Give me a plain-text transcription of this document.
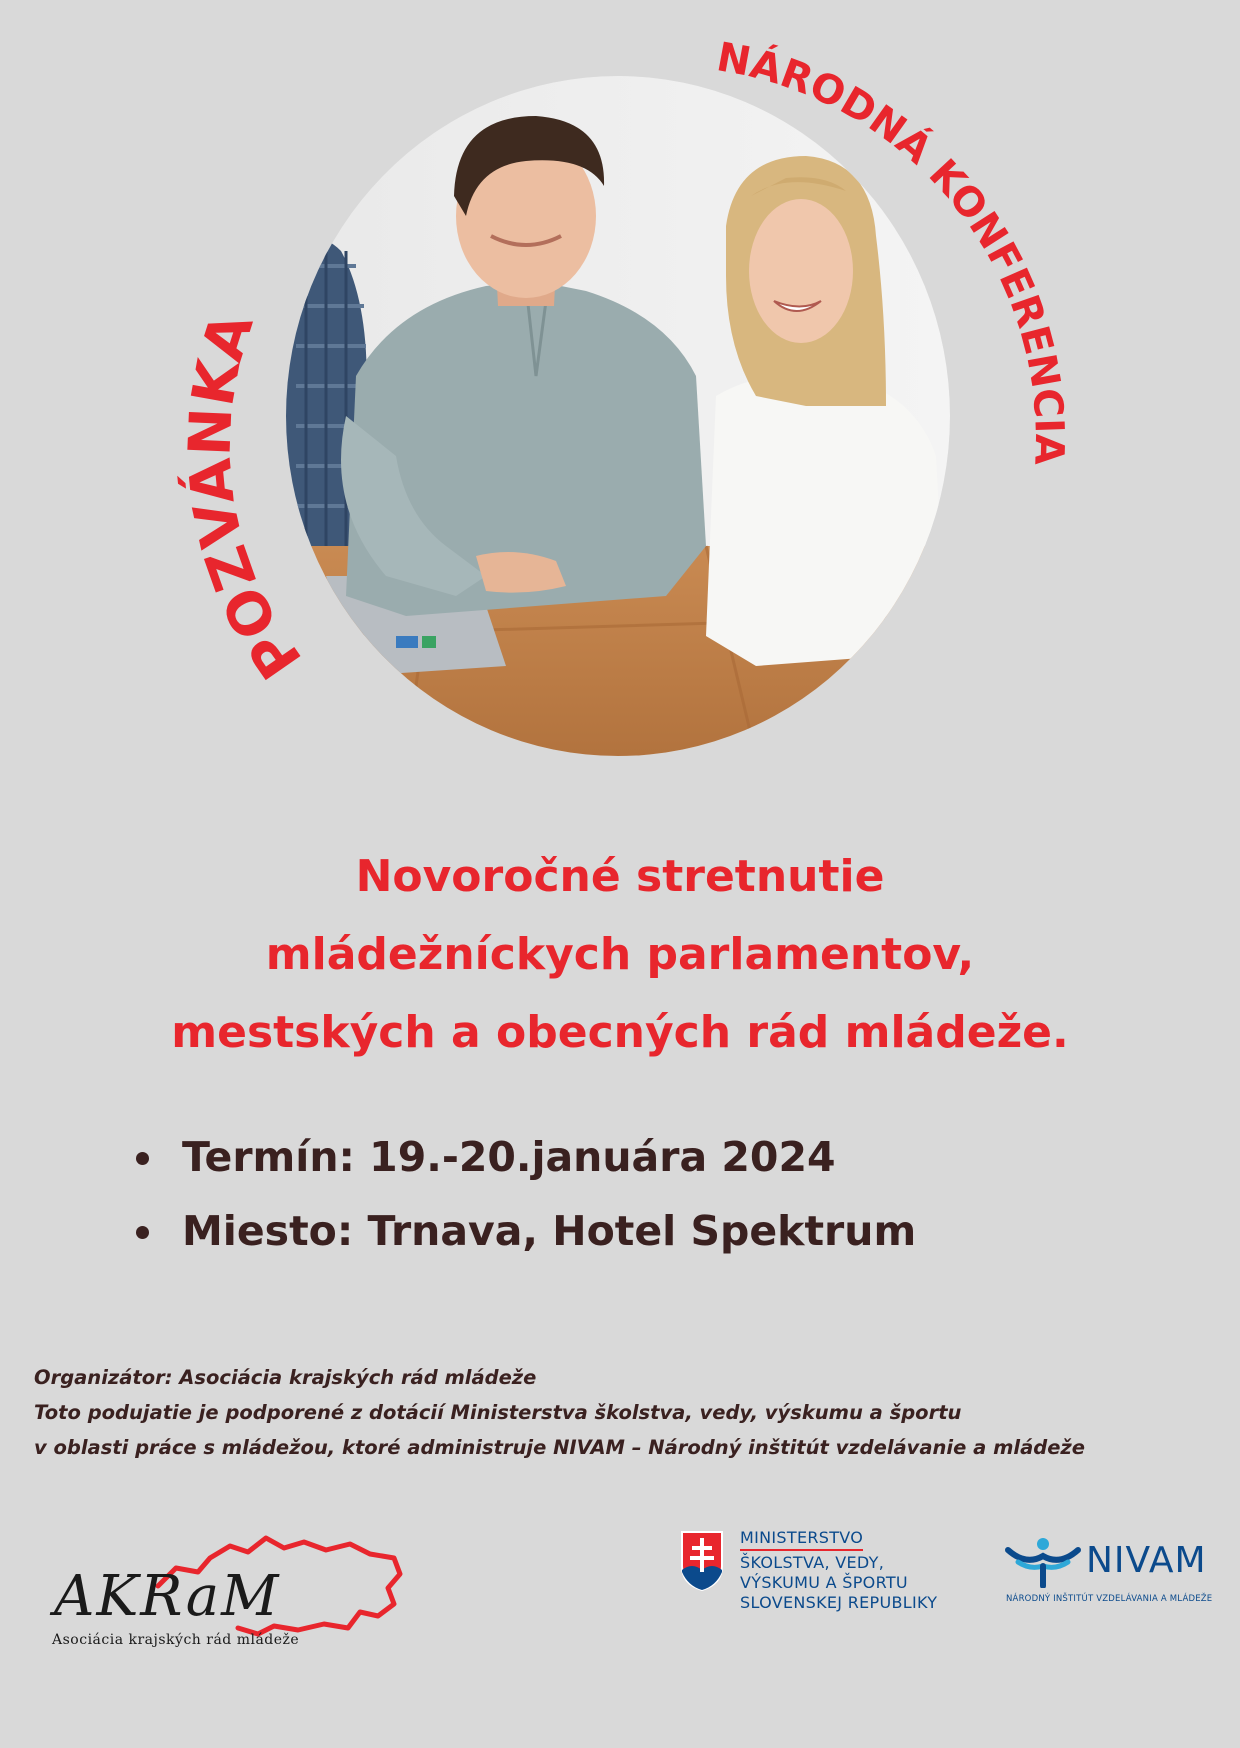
POZVÁNKA
NÁRODNÁ KONFERENCIA
Novoročné stretnutie
mládežníckych parlamentov,
mestských a obecných rád mládeže.
Termín: 19.-20.januára 2024
Miesto: Trnava, Hotel Spektrum
Organizátor: Asociácia krajských rád mládeže
Toto podujatie je podporené z dotácií Ministerstva školstva, vedy, výskumu a športu
v oblasti práce s mládežou, ktoré administruje NIVAM – Národný inštitút vzdelávanie a mládeže
AKRaM
Asociácia krajských rád mládeže
MINISTERSTVO
ŠKOLSTVA, VEDY,
VÝSKUMU A ŠPORTU
SLOVENSKEJ REPUBLIKY
NIVAM
NÁRODNÝ INŠTITÚT VZDELÁVANIA A MLÁDEŽE
